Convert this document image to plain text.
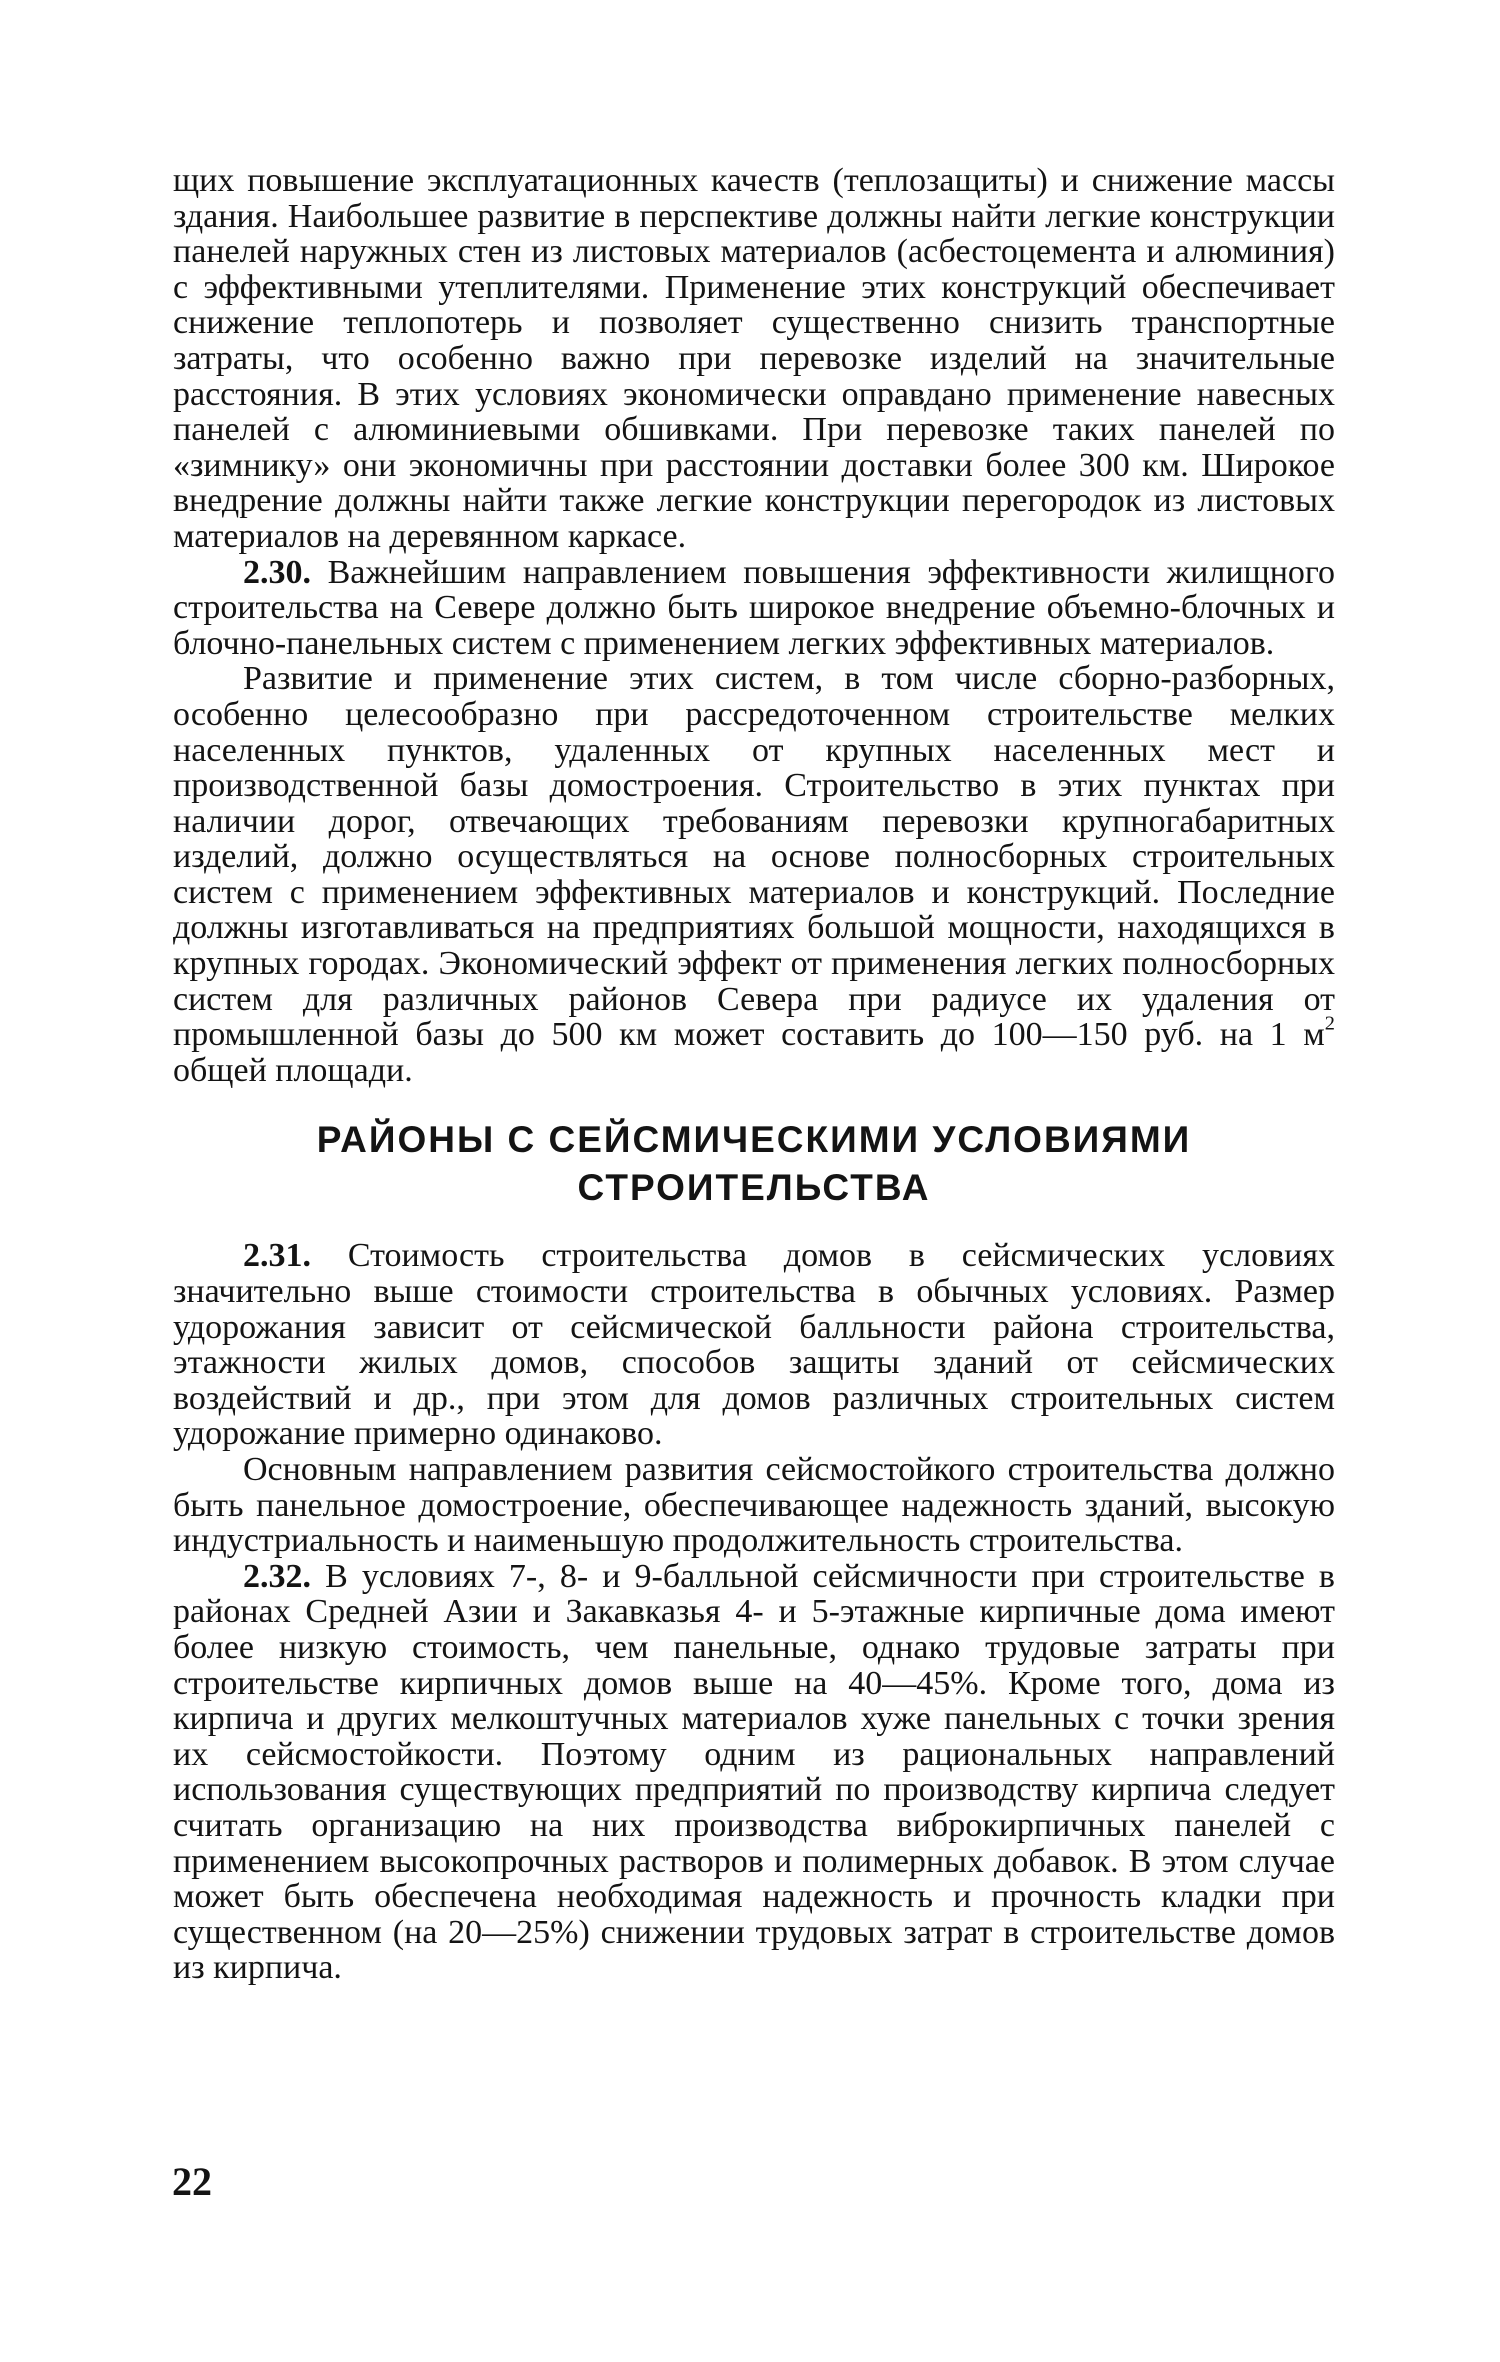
щих повышение эксплуатационных качеств (теплозащиты) и снижение массы здания. Наибольшее развитие в перспективе должны найти легкие конструкции панелей наружных стен из листовых материалов (асбестоцемента и алюминия) с эффективными утеплителями. Применение этих конструкций обеспечивает снижение теплопотерь и позволяет существенно снизить транспортные затраты, что особенно важно при перевозке изделий на значительные расстояния. В этих условиях экономически оправдано применение навесных панелей с алюминиевыми обшивками. При перевозке таких панелей по «зимнику» они экономичны при расстоянии доставки более 300 км. Широкое внедрение должны найти также легкие конструкции перегородок из листовых материалов на деревянном каркасе.

2.30. Важнейшим направлением повышения эффективности жилищного строительства на Севере должно быть широкое внедрение объемно-блочных и блочно-панельных систем с применением легких эффективных материалов.

Развитие и применение этих систем, в том числе сборно-разборных, особенно целесообразно при рассредоточенном строительстве мелких населенных пунктов, удаленных от крупных населенных мест и производственной базы домостроения. Строительство в этих пунктах при наличии дорог, отвечающих требованиям перевозки крупногабаритных изделий, должно осуществляться на основе полносборных строительных систем с применением эффективных материалов и конструкций. Последние должны изготавливаться на предприятиях большой мощности, находящихся в крупных городах. Экономический эффект от применения легких полносборных систем для различных районов Севера при радиусе их удаления от промышленной базы до 500 км может составить до 100—150 руб. на 1 $м^2$ общей площади.

РАЙОНЫ С СЕЙСМИЧЕСКИМИ УСЛОВИЯМИ
СТРОИТЕЛЬСТВА

2.31. Стоимость строительства домов в сейсмических условиях значительно выше стоимости строительства в обычных условиях. Размер удорожания зависит от сейсмической балльности района строительства, этажности жилых домов, способов защиты зданий от сейсмических воздействий и др., при этом для домов различных строительных систем удорожание примерно одинаково.

Основным направлением развития сейсмостойкого строительства должно быть панельное домостроение, обеспечивающее надежность зданий, высокую индустриальность и наименьшую продолжительность строительства.

2.32. В условиях 7-, 8- и 9-балльной сейсмичности при строительстве в районах Средней Азии и Закавказья 4- и 5-этажные кирпичные дома имеют более низкую стоимость, чем панельные, однако трудовые затраты при строительстве кирпичных домов выше на 40—45%. Кроме того, дома из кирпича и других мелкоштучных материалов хуже панельных с точки зрения их сейсмостойкости. Поэтому одним из рациональных направлений использования существующих предприятий по производству кирпича следует считать организацию на них производства виброкирпичных панелей с применением высокопрочных растворов и полимерных добавок. В этом случае может быть обеспечена необходимая надежность и прочность кладки при существенном (на 20—25%) снижении трудовых затрат в строительстве домов из кирпича.

22
